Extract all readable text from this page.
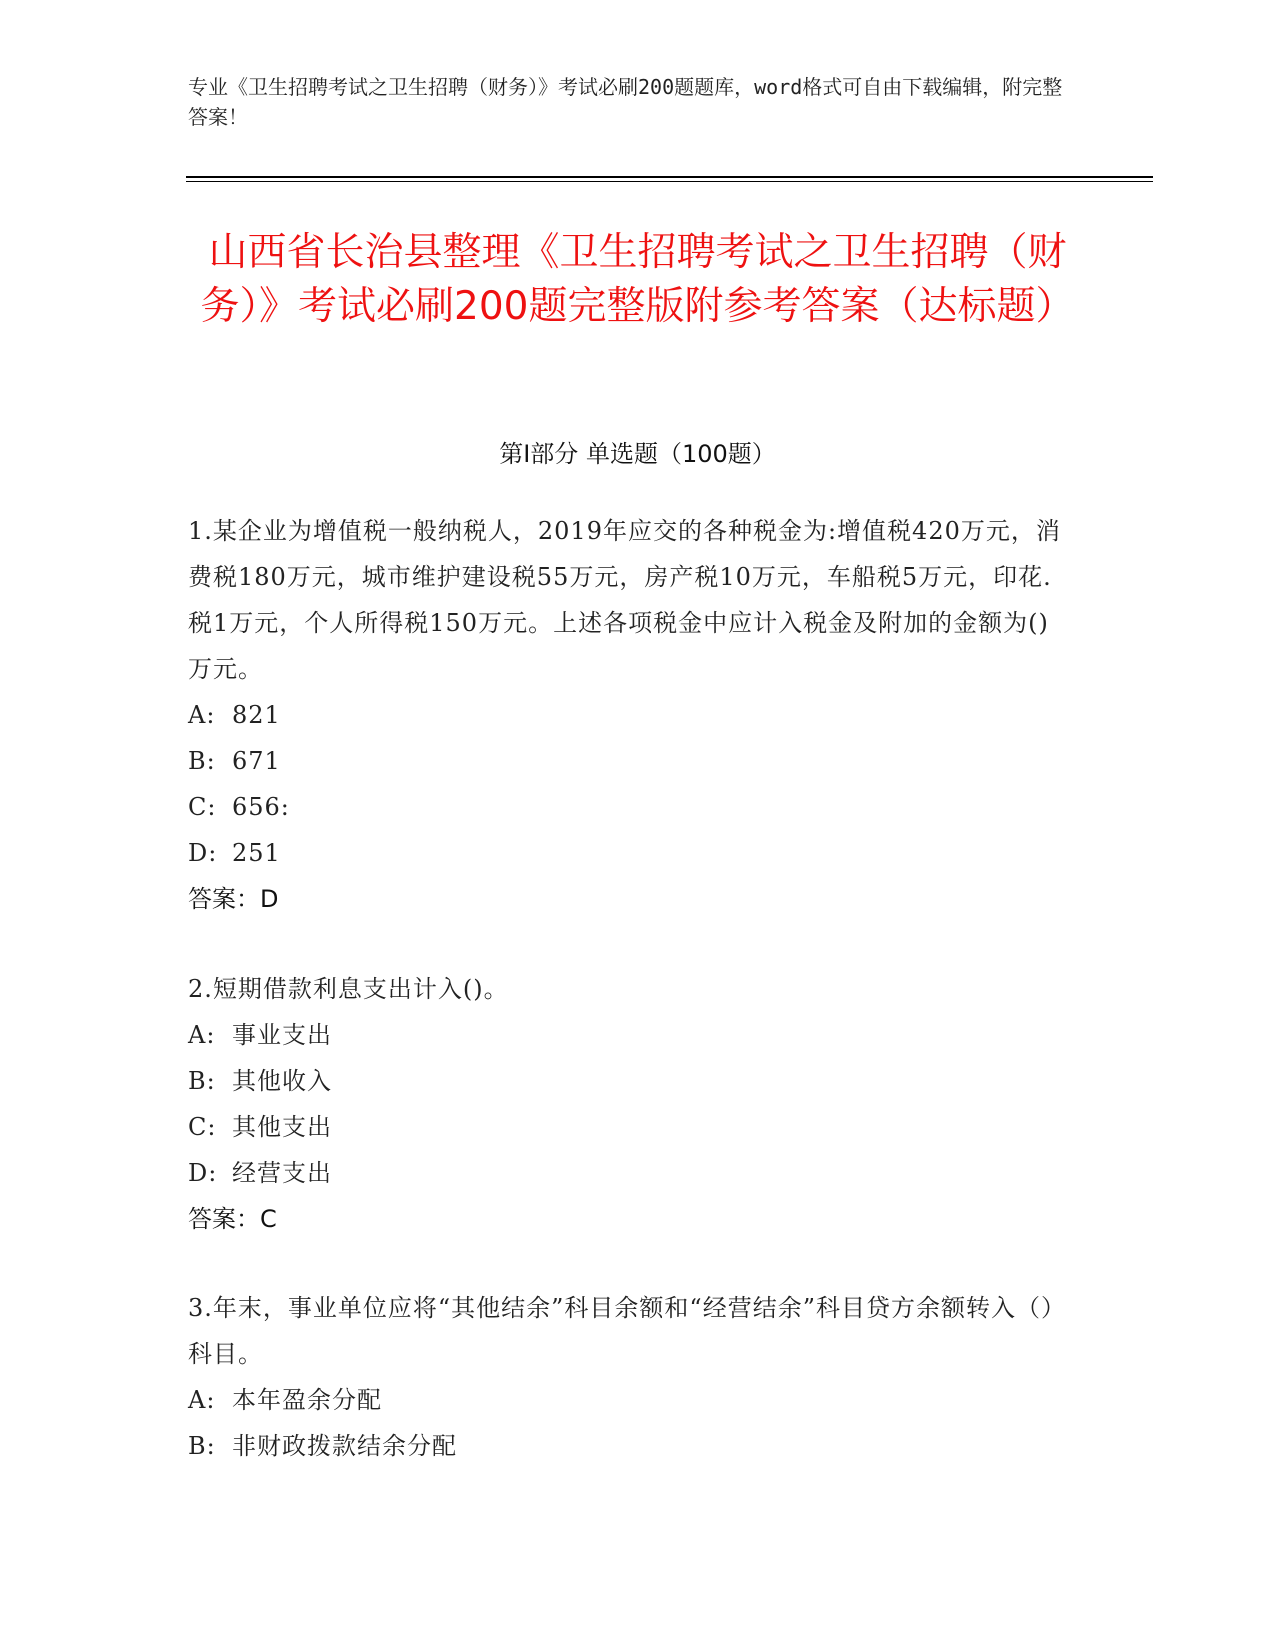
专业《卫生招聘考试之卫生招聘（财务）》考试必刷200题题库，word格式可自由下载编辑，附完整答案！
山西省长治县整理《卫生招聘考试之卫生招聘（财务）》考试必刷200题完整版附参考答案（达标题）
第I部分 单选题（100题）
1.某企业为增值税一般纳税人，2019年应交的各种税金为:增值税420万元，消费税180万元，城市维护建设税55万元，房产税10万元，车船税5万元，印花.税1万元，个人所得税150万元。上述各项税金中应计入税金及附加的金额为()万元。
A: 821
B: 671
C: 656:
D: 251
答案：D
2.短期借款利息支出计入()。
A: 事业支出
B: 其他收入
C: 其他支出
D: 经营支出
答案：C
3.年末，事业单位应将“其他结余”科目余额和“经营结余”科目贷方余额转入（）科目。
A: 本年盈余分配
B: 非财政拨款结余分配
